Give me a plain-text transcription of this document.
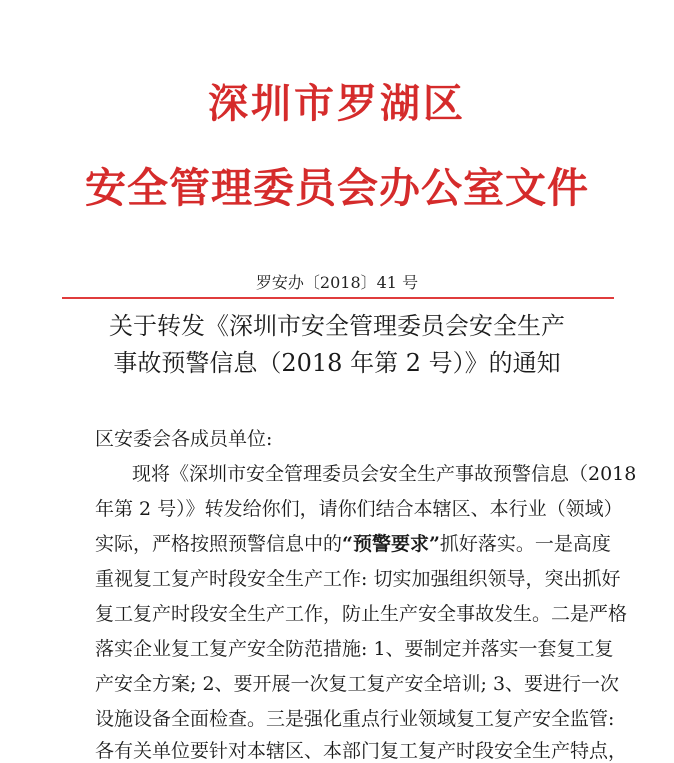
深圳市罗湖区
安全管理委员会办公室文件
罗安办〔2018〕41 号
关于转发《深圳市安全管理委员会安全生产
事故预警信息（2018 年第 2 号）》的通知
区安委会各成员单位:
现将《深圳市安全管理委员会安全生产事故预警信息（2018
年第 2 号）》转发给你们，请你们结合本辖区、本行业（领域）
实际，严格按照预警信息中的“预警要求”抓好落实。一是高度
重视复工复产时段安全生产工作: 切实加强组织领导，突出抓好
复工复产时段安全生产工作，防止生产安全事故发生。二是严格
落实企业复工复产安全防范措施: 1、要制定并落实一套复工复
产安全方案; 2、要开展一次复工复产安全培训; 3、要进行一次
设施设备全面检查。三是强化重点行业领域复工复产安全监管:
各有关单位要针对本辖区、本部门复工复产时段安全生产特点，
